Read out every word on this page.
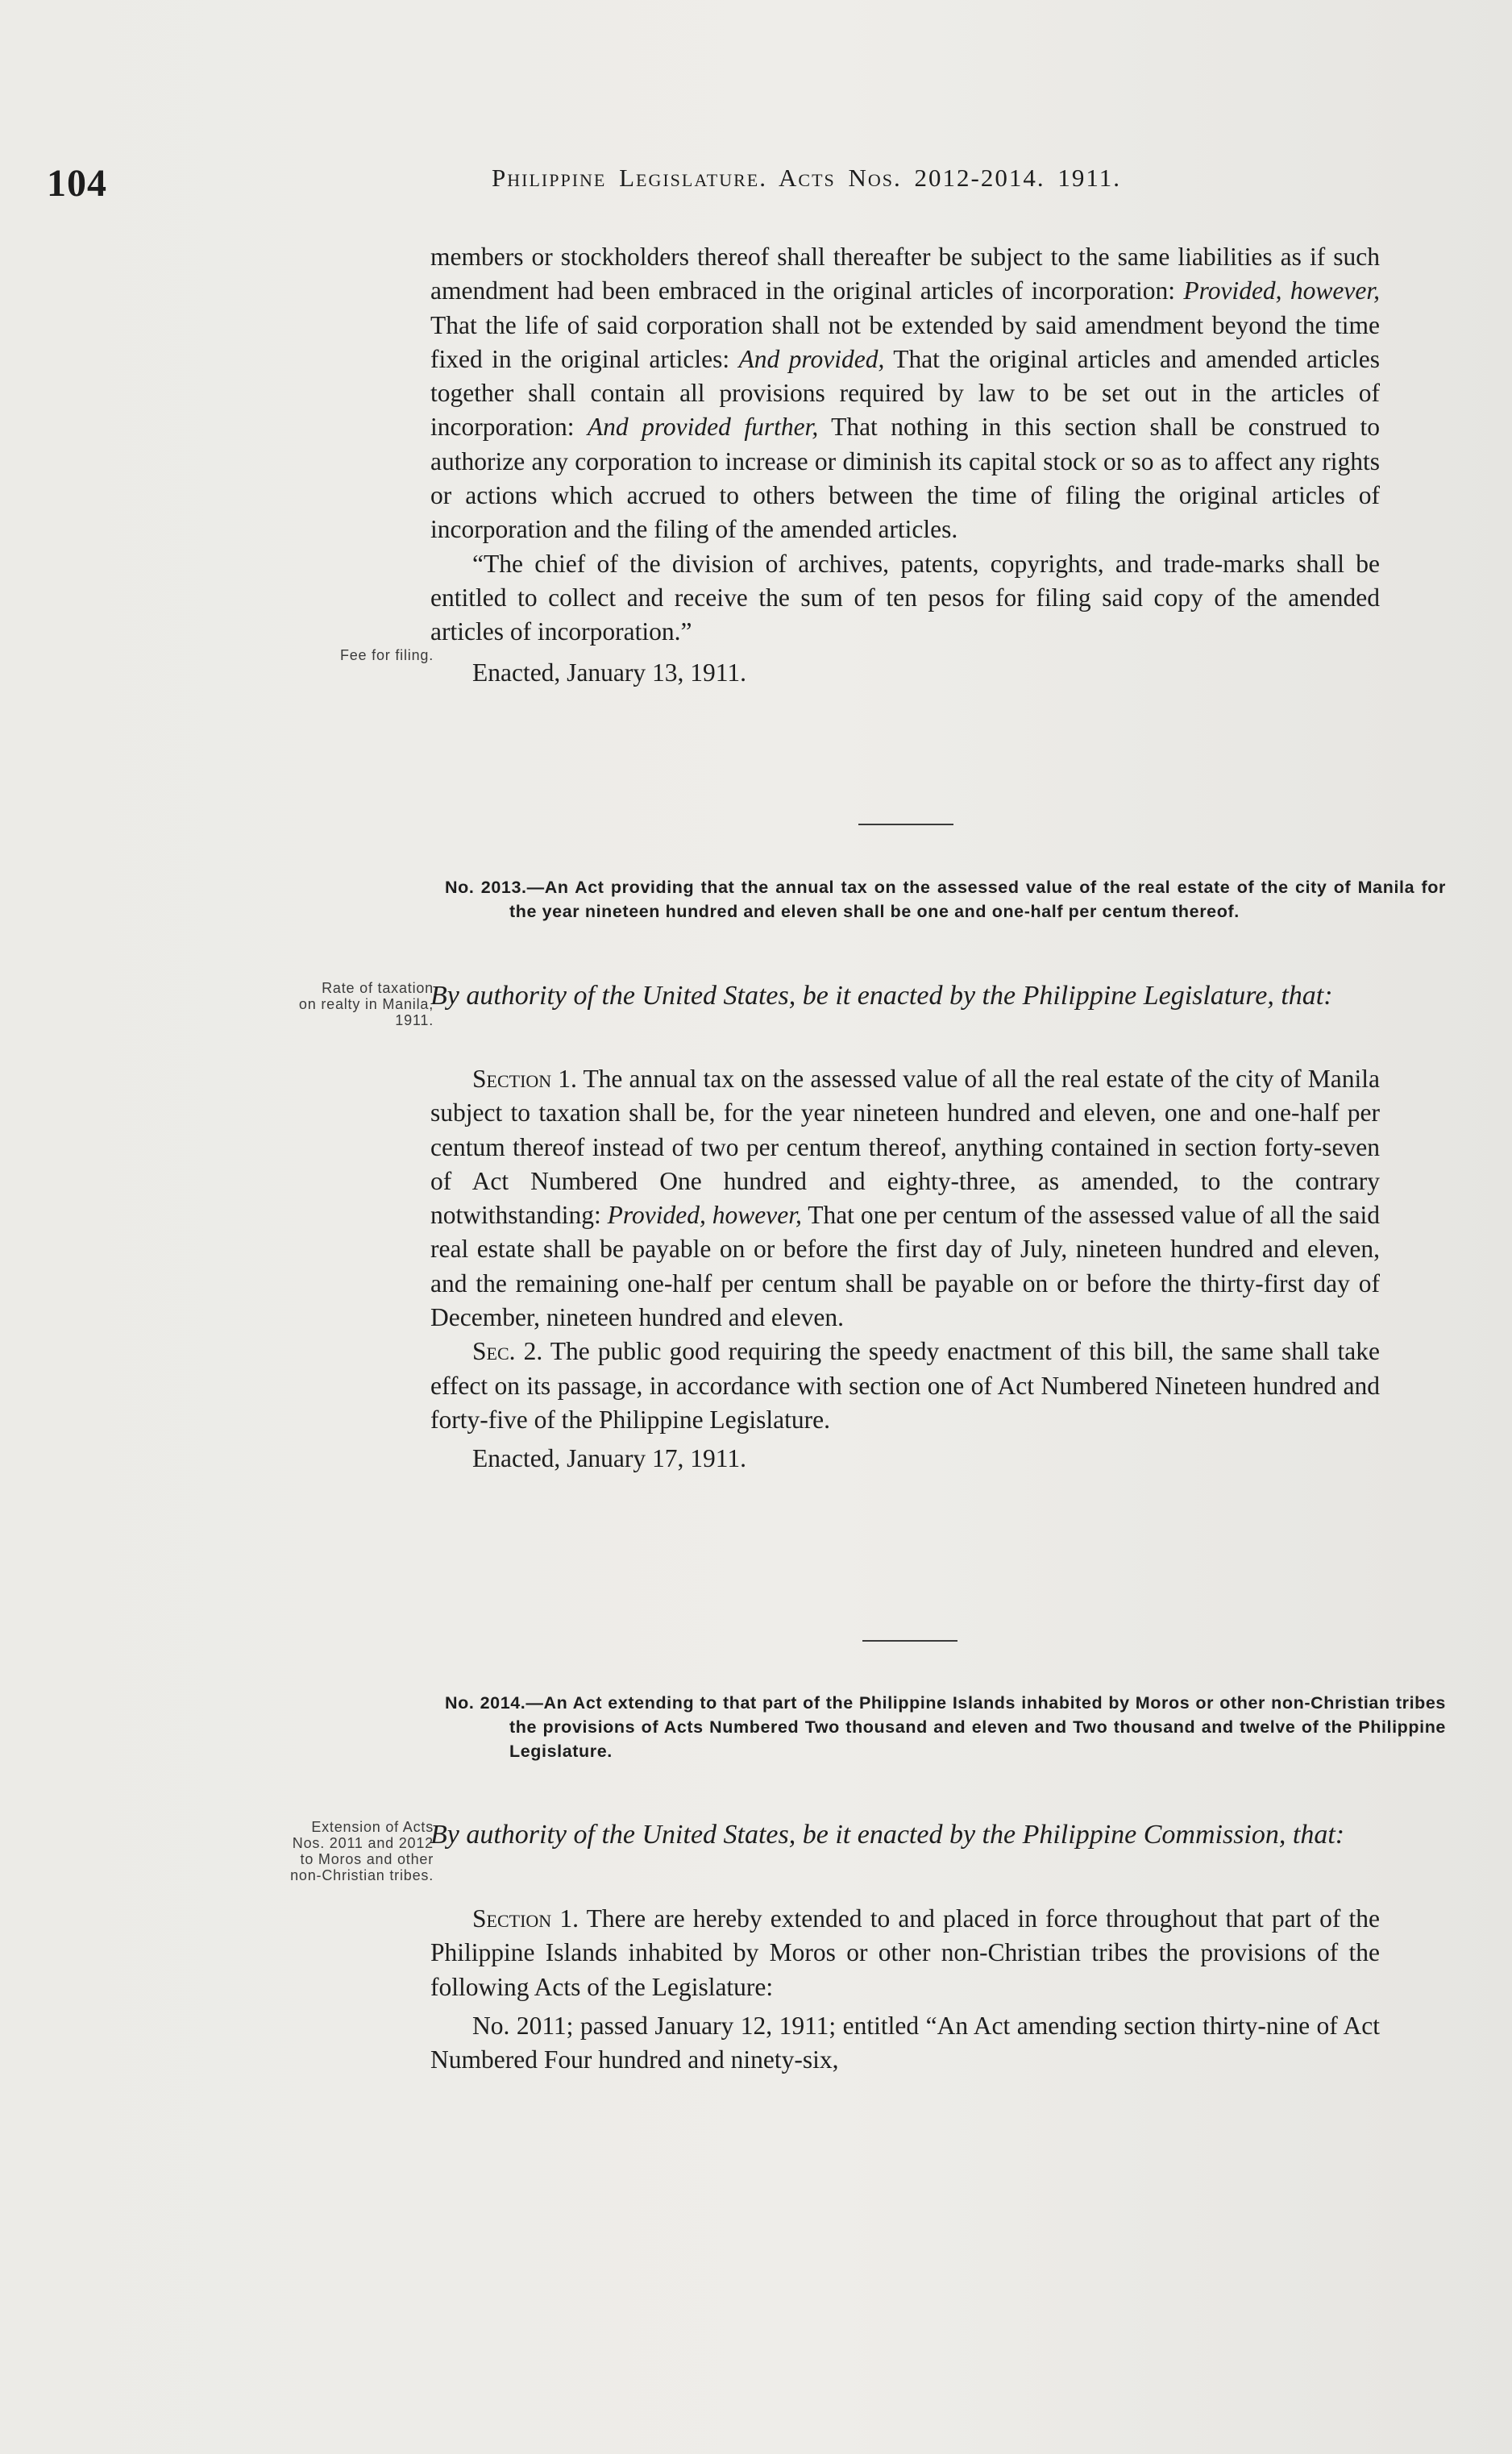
104	Philippine Legislature. Acts Nos. 2012-2014. 1911.

members or stockholders thereof shall thereafter be subject to the same liabilities as if such amendment had been embraced in the original articles of incorporation: Provided, however, That the life of said corporation shall not be extended by said amendment beyond the time fixed in the original articles: And provided, That the original articles and amended articles together shall contain all provisions required by law to be set out in the articles of incorporation: And provided further, That nothing in this section shall be construed to authorize any corporation to increase or diminish its capital stock or so as to affect any rights or actions which accrued to others between the time of filing the original articles of incorporation and the filing of the amended articles.

“The chief of the division of archives, patents, copyrights, and trade-marks shall be entitled to collect and receive the sum of ten pesos for filing said copy of the amended articles of incorporation.”

Enacted, January 13, 1911.

Fee for filing.
No. 2013.—An Act providing that the annual tax on the assessed value of the real estate of the city of Manila for the year nineteen hundred and eleven shall be one and one-half per centum thereof.
Rate of taxation
on realty in Manila,
1911.
By authority of the United States, be it enacted by the Philippine Legislature, that:

Section 1. The annual tax on the assessed value of all the real estate of the city of Manila subject to taxation shall be, for the year nineteen hundred and eleven, one and one-half per centum thereof instead of two per centum thereof, anything contained in section forty-seven of Act Numbered One hundred and eighty-three, as amended, to the contrary notwithstanding: Provided, however, That one per centum of the assessed value of all the said real estate shall be payable on or before the first day of July, nineteen hundred and eleven, and the remaining one-half per centum shall be payable on or before the thirty-first day of December, nineteen hundred and eleven.

Sec. 2. The public good requiring the speedy enactment of this bill, the same shall take effect on its passage, in accordance with section one of Act Numbered Nineteen hundred and forty-five of the Philippine Legislature.

Enacted, January 17, 1911.

No. 2014.—An Act extending to that part of the Philippine Islands inhabited by Moros or other non-Christian tribes the provisions of Acts Numbered Two thousand and eleven and Two thousand and twelve of the Philippine Legislature.
Extension of Acts
Nos. 2011 and 2012
to Moros and other
non-Christian tribes.
By authority of the United States, be it enacted by the Philippine Commission, that:

Section 1. There are hereby extended to and placed in force throughout that part of the Philippine Islands inhabited by Moros or other non-Christian tribes the provisions of the following Acts of the Legislature:

No. 2011; passed January 12, 1911; entitled “An Act amending section thirty-nine of Act Numbered Four hundred and ninety-six,
